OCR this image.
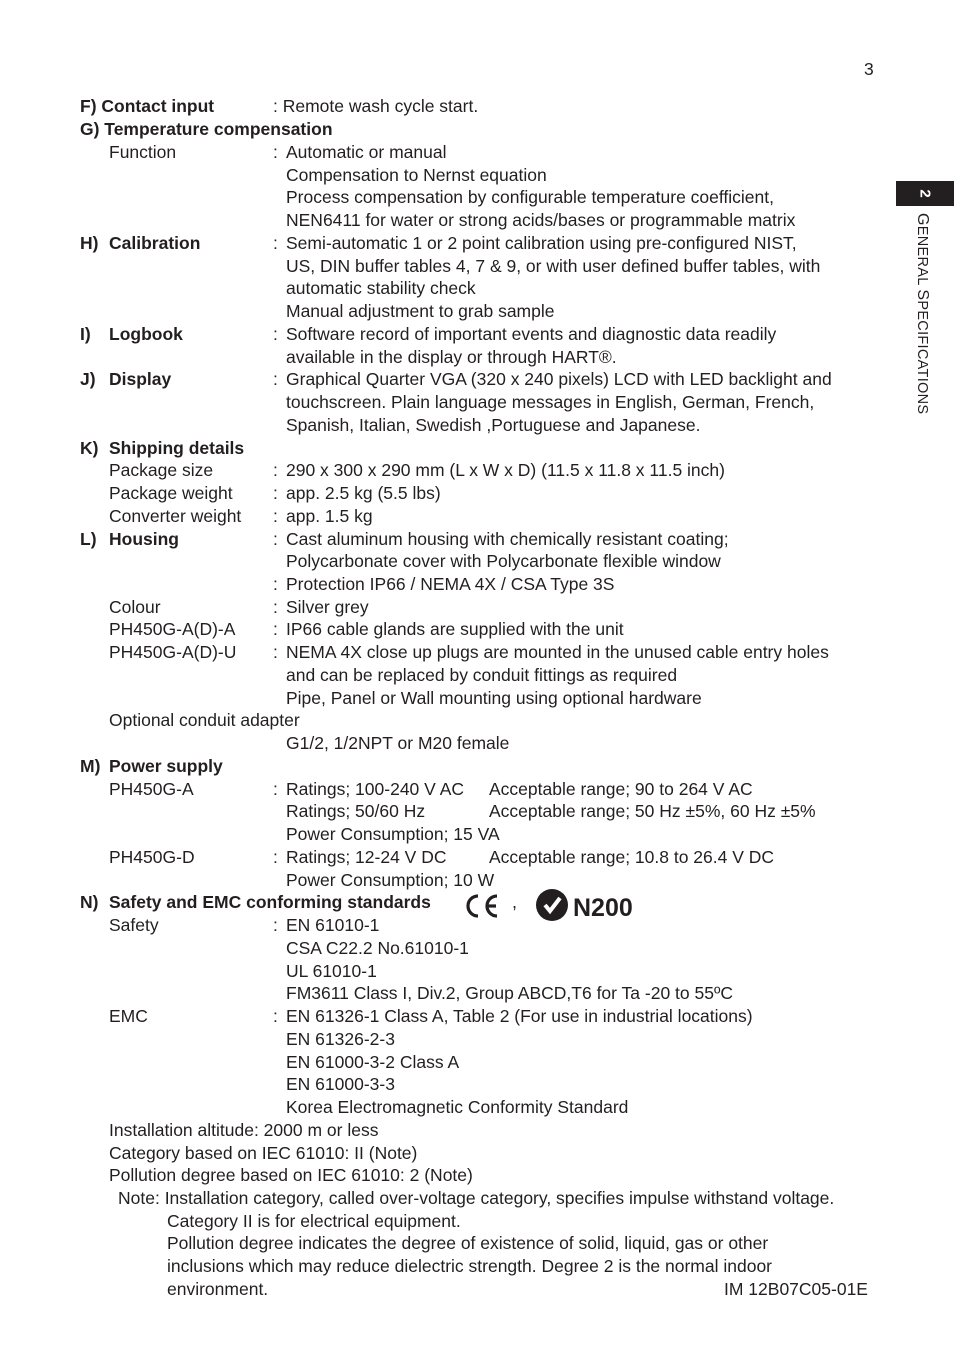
3
2
GENERAL SPECIFICATIONS
F) Contact input	: Remote wash cycle start.
G) Temperature compensation
Function	: Automatic or manual
Compensation to Nernst equation
Process compensation by configurable temperature coefficient,
NEN6411 for water or strong acids/bases or programmable matrix
H) Calibration	: Semi-automatic 1 or 2 point calibration using pre-configured NIST,
US, DIN buffer tables 4, 7 & 9, or with user defined buffer tables, with
automatic stability check
Manual adjustment to grab sample
I) Logbook	: Software record of important events and diagnostic data readily
available in the display or through HART®.
J) Display	: Graphical Quarter VGA (320 x 240 pixels) LCD with LED backlight and
touchscreen. Plain language messages in English, German, French,
Spanish, Italian, Swedish ,Portuguese and Japanese.
K) Shipping details
Package size	: 290 x 300 x 290 mm (L x W x D) (11.5 x 11.8 x 11.5 inch)
Package weight : app. 2.5 kg (5.5 lbs)
Converter weight : app. 1.5 kg
L) Housing	: Cast aluminum housing with chemically resistant coating;
Polycarbonate cover with Polycarbonate flexible window
: Protection IP66 / NEMA 4X / CSA Type 3S
Colour	: Silver grey
PH450G-A(D)-A : IP66 cable glands are supplied with the unit
PH450G-A(D)-U : NEMA 4X close up plugs are mounted in the unused cable entry holes
and can be replaced by conduit fittings as required
Pipe, Panel or Wall mounting using optional hardware
Optional conduit adapter
G1/2, 1/2NPT or M20 female
M) Power supply
PH450G-A	: Ratings; 100-240 V AC Acceptable range; 90 to 264 V AC
Ratings; 50/60 Hz	Acceptable range; 50 Hz ±5%, 60 Hz ±5%
Power Consumption; 15 VA
PH450G-D	: Ratings; 12-24 V DC Acceptable range; 10.8 to 26.4 V DC
Power Consumption; 10 W
N) Safety and EMC conforming standards	, N200
Safety	: EN 61010-1
CSA C22.2 No.61010-1
UL 61010-1
FM3611 Class I, Div.2, Group ABCD,T6 for Ta -20 to 55ºC
EMC	: EN 61326-1 Class A, Table 2 (For use in industrial locations)
EN 61326-2-3
EN 61000-3-2 Class A
EN 61000-3-3
Korea Electromagnetic Conformity Standard
Installation altitude: 2000 m or less
Category based on IEC 61010: II (Note)
Pollution degree based on IEC 61010: 2 (Note)
Note: Installation category, called over-voltage category, specifies impulse withstand voltage.
Category II is for electrical equipment.
Pollution degree indicates the degree of existence of solid, liquid, gas or other
inclusions which may reduce dielectric strength. Degree 2 is the normal indoor
environment.	IM 12B07C05-01E
